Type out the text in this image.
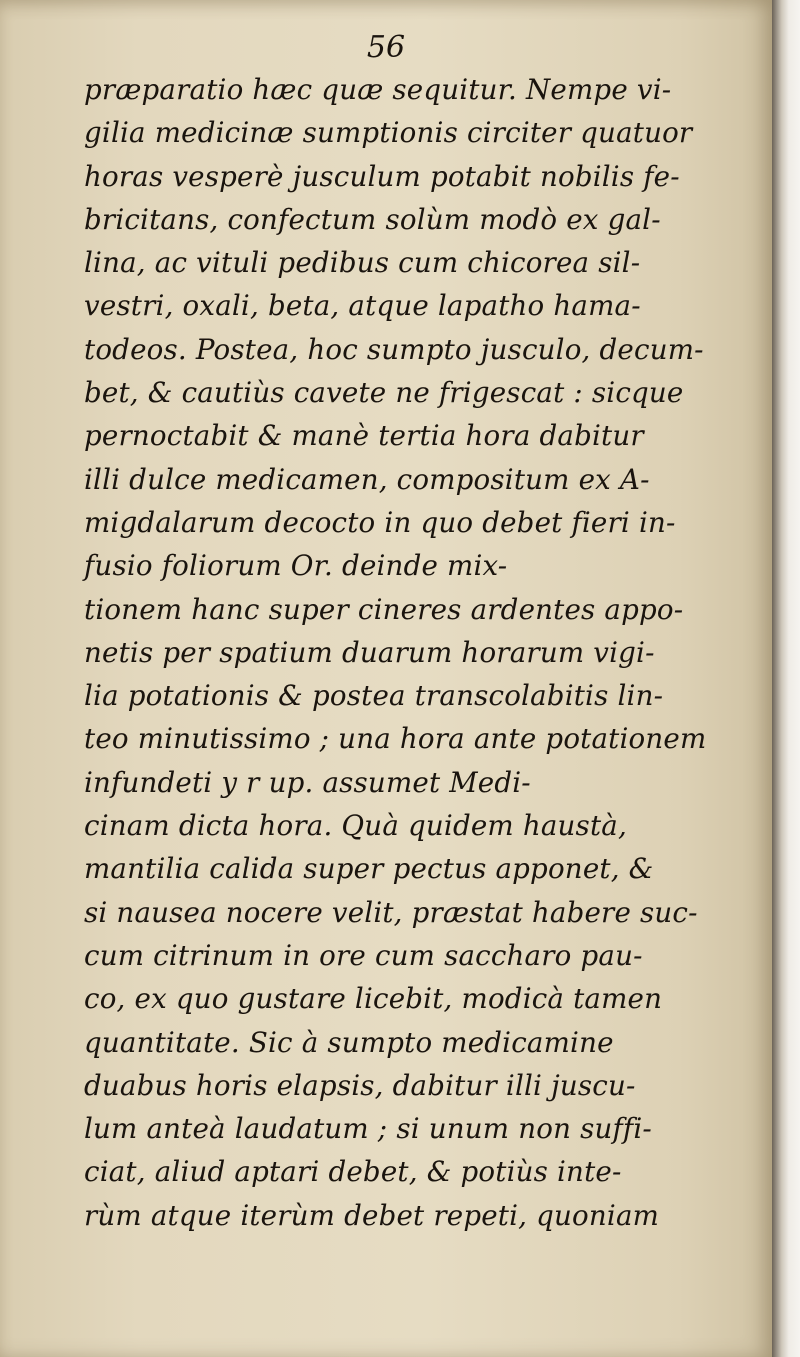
56
præparatio hæc quæ sequitur. Nempe vi-
gilia medicinæ sumptionis circiter quatuor
horas vesperè jusculum potabit nobilis fe-
bricitans, confectum solùm modò ex gal-
lina, ac vituli pedibus cum chicorea sil-
vestri, oxali, beta, atque lapatho hama-
todeos. Postea, hoc sumpto jusculo, decum-
bet, & cautiùs cavete ne frigescat : sicque
pernoctabit & manè tertia hora dabitur
illi dulce medicamen, compositum ex A-
migdalarum decocto in quo debet fieri in-
fusio foliorum Or. deinde mix-
tionem hanc super cineres ardentes appo-
netis per spatium duarum horarum vigi-
lia potationis & postea transcolabitis lin-
teo minutissimo ; una hora ante potationem
infundeti y r up. assumet Medi-
cinam dicta hora. Quà quidem haustà,
mantilia calida super pectus apponet, &
si nausea nocere velit, præstat habere suc-
cum citrinum in ore cum saccharo pau-
co, ex quo gustare licebit, modicà tamen
quantitate. Sic à sumpto medicamine
duabus horis elapsis, dabitur illi juscu-
lum anteà laudatum ; si unum non suffi-
ciat, aliud aptari debet, & potiùs inte-
rùm atque iterùm debet repeti, quoniam
